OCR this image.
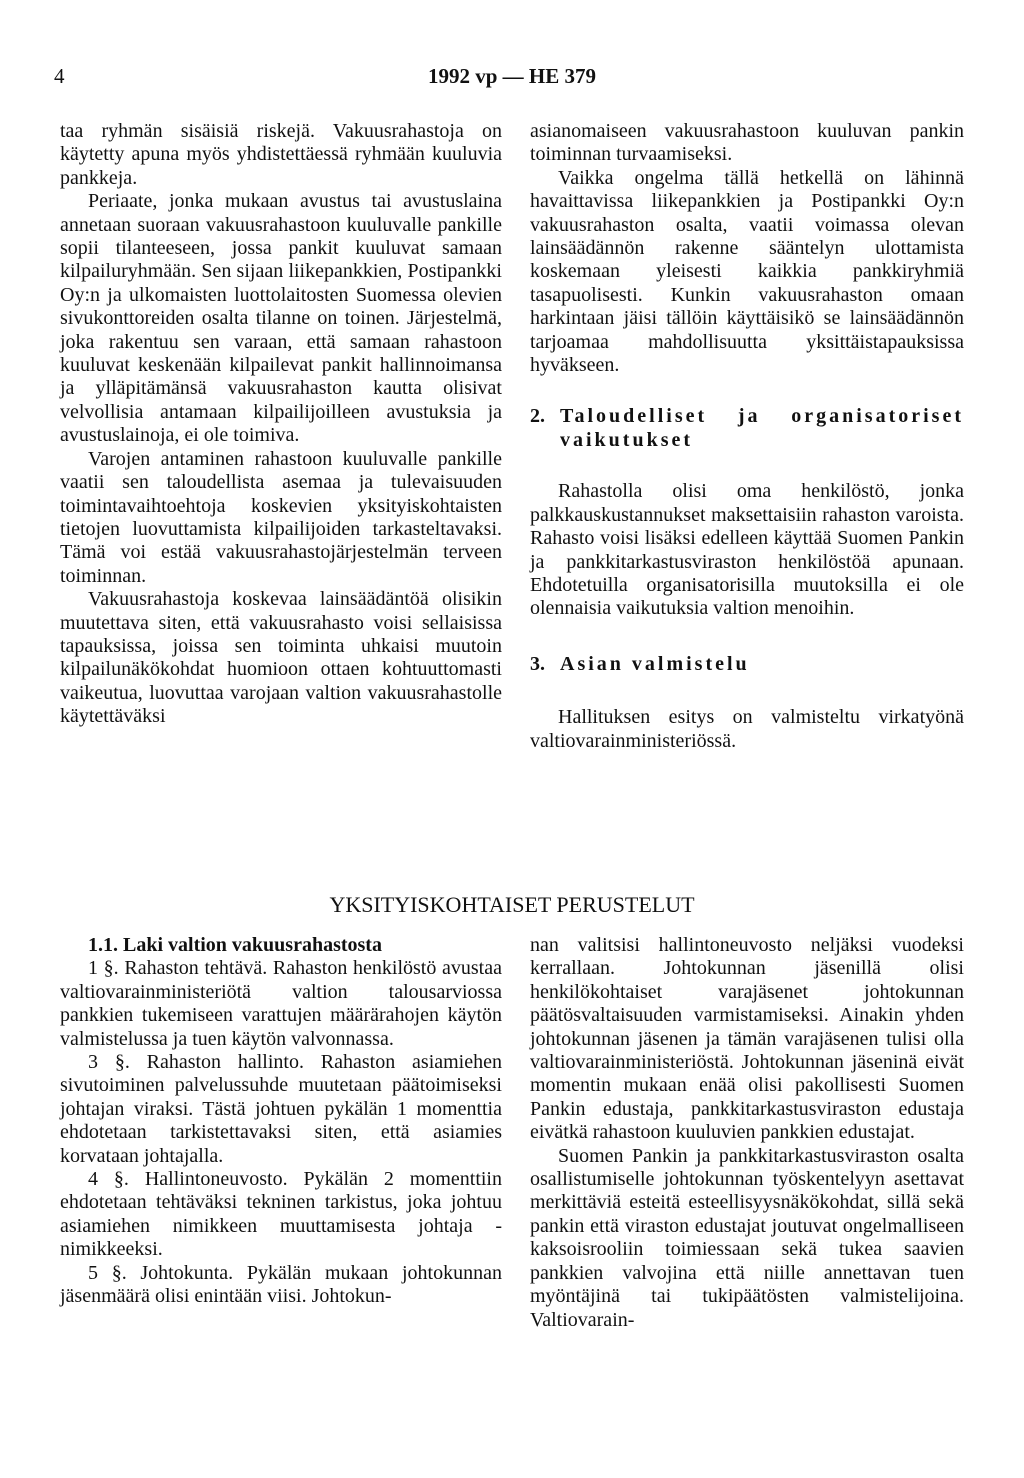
4	1992 vp — HE 379

taa ryhmän sisäisiä riskejä. Vakuusrahastoja on käytetty apuna myös yhdistettäessä ryhmään kuuluvia pankkeja.

Periaate, jonka mukaan avustus tai avustuslaina annetaan suoraan vakuusrahastoon kuuluvalle pankille sopii tilanteeseen, jossa pankit kuuluvat samaan kilpailuryhmään. Sen sijaan liikepankkien, Postipankki Oy:n ja ulkomaisten luottolaitosten Suomessa olevien sivukonttoreiden osalta tilanne on toinen. Järjestelmä, joka rakentuu sen varaan, että samaan rahastoon kuuluvat keskenään kilpailevat pankit hallinnoimansa ja ylläpitämänsä vakuusrahaston kautta olisivat velvollisia antamaan kilpailijoilleen avustuksia ja avustuslainoja, ei ole toimiva.

Varojen antaminen rahastoon kuuluvalle pankille vaatii sen taloudellista asemaa ja tulevaisuuden toimintavaihtoehtoja koskevien yksityiskohtaisten tietojen luovuttamista kilpailijoiden tarkasteltavaksi. Tämä voi estää vakuusrahastojärjestelmän terveen toiminnan.

Vakuusrahastoja koskevaa lainsäädäntöä olisikin muutettava siten, että vakuusrahasto voisi sellaisissa tapauksissa, joissa sen toiminta uhkaisi muutoin kilpailunäkökohdat huomioon ottaen kohtuuttomasti vaikeutua, luovuttaa varojaan valtion vakuusrahastolle käytettäväksi

asianomaiseen vakuusrahastoon kuuluvan pankin toiminnan turvaamiseksi.

Vaikka ongelma tällä hetkellä on lähinnä havaittavissa liikepankkien ja Postipankki Oy:n vakuusrahaston osalta, vaatii voimassa olevan lainsäädännön rakenne sääntelyn ulottamista koskemaan yleisesti kaikkia pankkiryhmiä tasapuolisesti. Kunkin vakuusrahaston omaan harkintaan jäisi tällöin käyttäisikö se lainsäädännön tarjoamaa mahdollisuutta yksittäistapauksissa hyväkseen.

2. Taloudelliset ja organisatoriset vaikutukset

Rahastolla olisi oma henkilöstö, jonka palkkauskustannukset maksettaisiin rahaston varoista. Rahasto voisi lisäksi edelleen käyttää Suomen Pankin ja pankkitarkastusviraston henkilöstöä apunaan. Ehdotetuilla organisatorisilla muutoksilla ei ole olennaisia vaikutuksia valtion menoihin.

3. Asian valmistelu

Hallituksen esitys on valmisteltu virkatyönä valtiovarainministeriössä.

YKSITYISKOHTAISET PERUSTELUT

1.1. Laki valtion vakuusrahastosta

1 §. Rahaston tehtävä. Rahaston henkilöstö avustaa valtiovarainministeriötä valtion talousarviossa pankkien tukemiseen varattujen määrärahojen käytön valmistelussa ja tuen käytön valvonnassa.

3 §. Rahaston hallinto. Rahaston asiamiehen sivutoiminen palvelussuhde muutetaan päätoimiseksi johtajan viraksi. Tästä johtuen pykälän 1 momenttia ehdotetaan tarkistettavaksi siten, että asiamies korvataan johtajalla.

4 §. Hallintoneuvosto. Pykälän 2 momenttiin ehdotetaan tehtäväksi tekninen tarkistus, joka johtuu asiamiehen nimikkeen muuttamisesta johtaja -nimikkeeksi.

5 §. Johtokunta. Pykälän mukaan johtokunnan jäsenmäärä olisi enintään viisi. Johtokun-

nan valitsisi hallintoneuvosto neljäksi vuodeksi kerrallaan. Johtokunnan jäsenillä olisi henkilökohtaiset varajäsenet johtokunnan päätösvaltaisuuden varmistamiseksi. Ainakin yhden johtokunnan jäsenen ja tämän varajäsenen tulisi olla valtiovarainministeriöstä. Johtokunnan jäseninä eivät momentin mukaan enää olisi pakollisesti Suomen Pankin edustaja, pankkitarkastusviraston edustaja eivätkä rahastoon kuuluvien pankkien edustajat.

Suomen Pankin ja pankkitarkastusviraston osalta osallistumiselle johtokunnan työskentelyyn asettavat merkittäviä esteitä esteellisyysnäkökohdat, sillä sekä pankin että viraston edustajat joutuvat ongelmalliseen kaksoisrooliin toimiessaan sekä tukea saavien pankkien valvojina että niille annettavan tuen myöntäjinä tai tukipäätösten valmistelijoina. Valtiovarain-
